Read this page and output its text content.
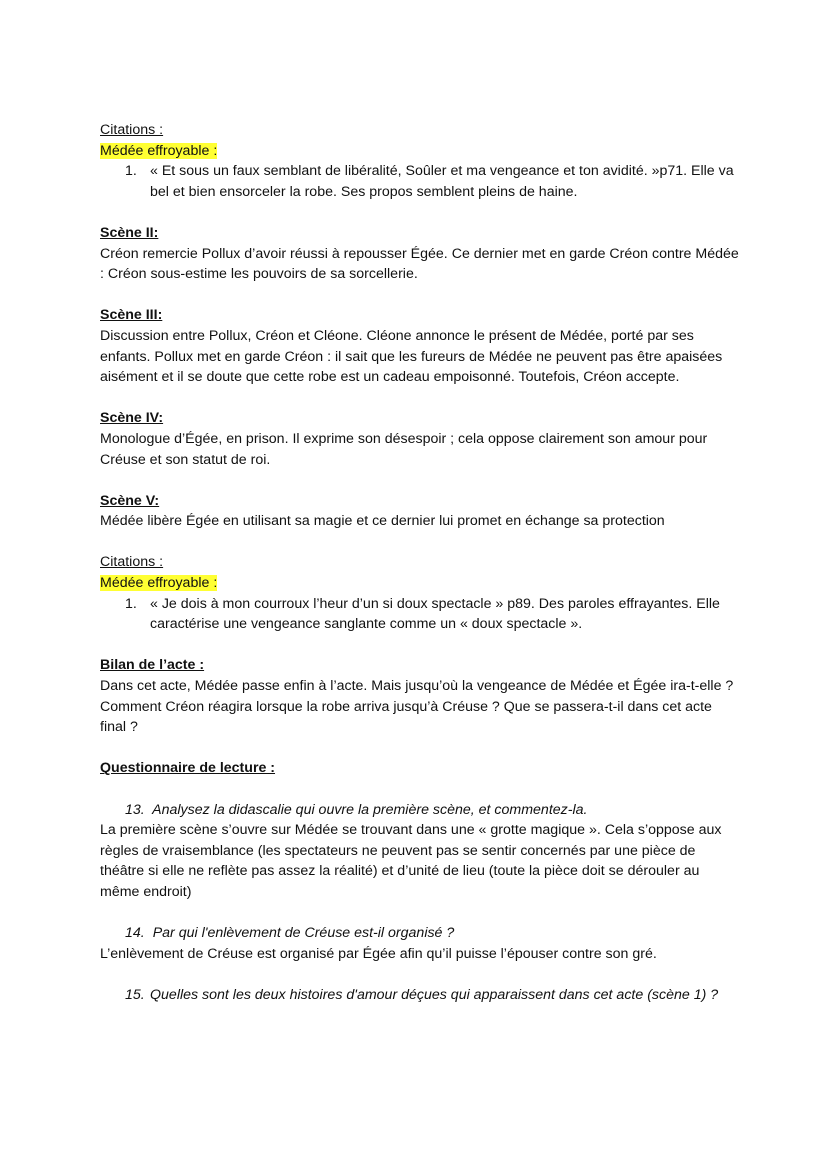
Citations :

Médée effroyable :

1. « Et sous un faux semblant de libéralité, Soûler et ma vengeance et ton avidité. »p71. Elle va bel et bien ensorceler la robe. Ses propos semblent pleins de haine.

Scène II:

Créon remercie Pollux d’avoir réussi à repousser Égée. Ce dernier met en garde Créon contre Médée : Créon sous-estime les pouvoirs de sa sorcellerie.

Scène III:

Discussion entre Pollux, Créon et Cléone. Cléone annonce le présent de Médée, porté par ses enfants. Pollux met en garde Créon : il sait que les fureurs de Médée ne peuvent pas être apaisées aisément et il se doute que cette robe est un cadeau empoisonné. Toutefois, Créon accepte.

Scène IV:

Monologue d’Égée, en prison. Il exprime son désespoir ; cela oppose clairement son amour pour Créuse et son statut de roi.

Scène V:

Médée libère Égée en utilisant sa magie et ce dernier lui promet en échange sa protection

Citations :

Médée effroyable :

1. « Je dois à mon courroux l’heur d’un si doux spectacle » p89. Des paroles effrayantes. Elle caractérise une vengeance sanglante comme un « doux spectacle ».

Bilan de l’acte :

Dans cet acte, Médée passe enfin à l’acte. Mais jusqu’où la vengeance de Médée et Égée ira-t-elle ? Comment Créon réagira lorsque la robe arriva jusqu’à Créuse ? Que se passera-t-il dans cet acte final ?

Questionnaire de lecture :

13. Analysez la didascalie qui ouvre la première scène, et commentez-la.

La première scène s’ouvre sur Médée se trouvant dans une « grotte magique ». Cela s’oppose aux règles de vraisemblance (les spectateurs ne peuvent pas se sentir concernés par une pièce de théâtre si elle ne reflète pas assez la réalité) et d’unité de lieu (toute la pièce doit se dérouler au même endroit)

14. Par qui l'enlèvement de Créuse est-il organisé ?

L’enlèvement de Créuse est organisé par Égée afin qu’il puisse l’épouser contre son gré.

15. Quelles sont les deux histoires d'amour déçues qui apparaissent dans cet acte (scène 1) ?
